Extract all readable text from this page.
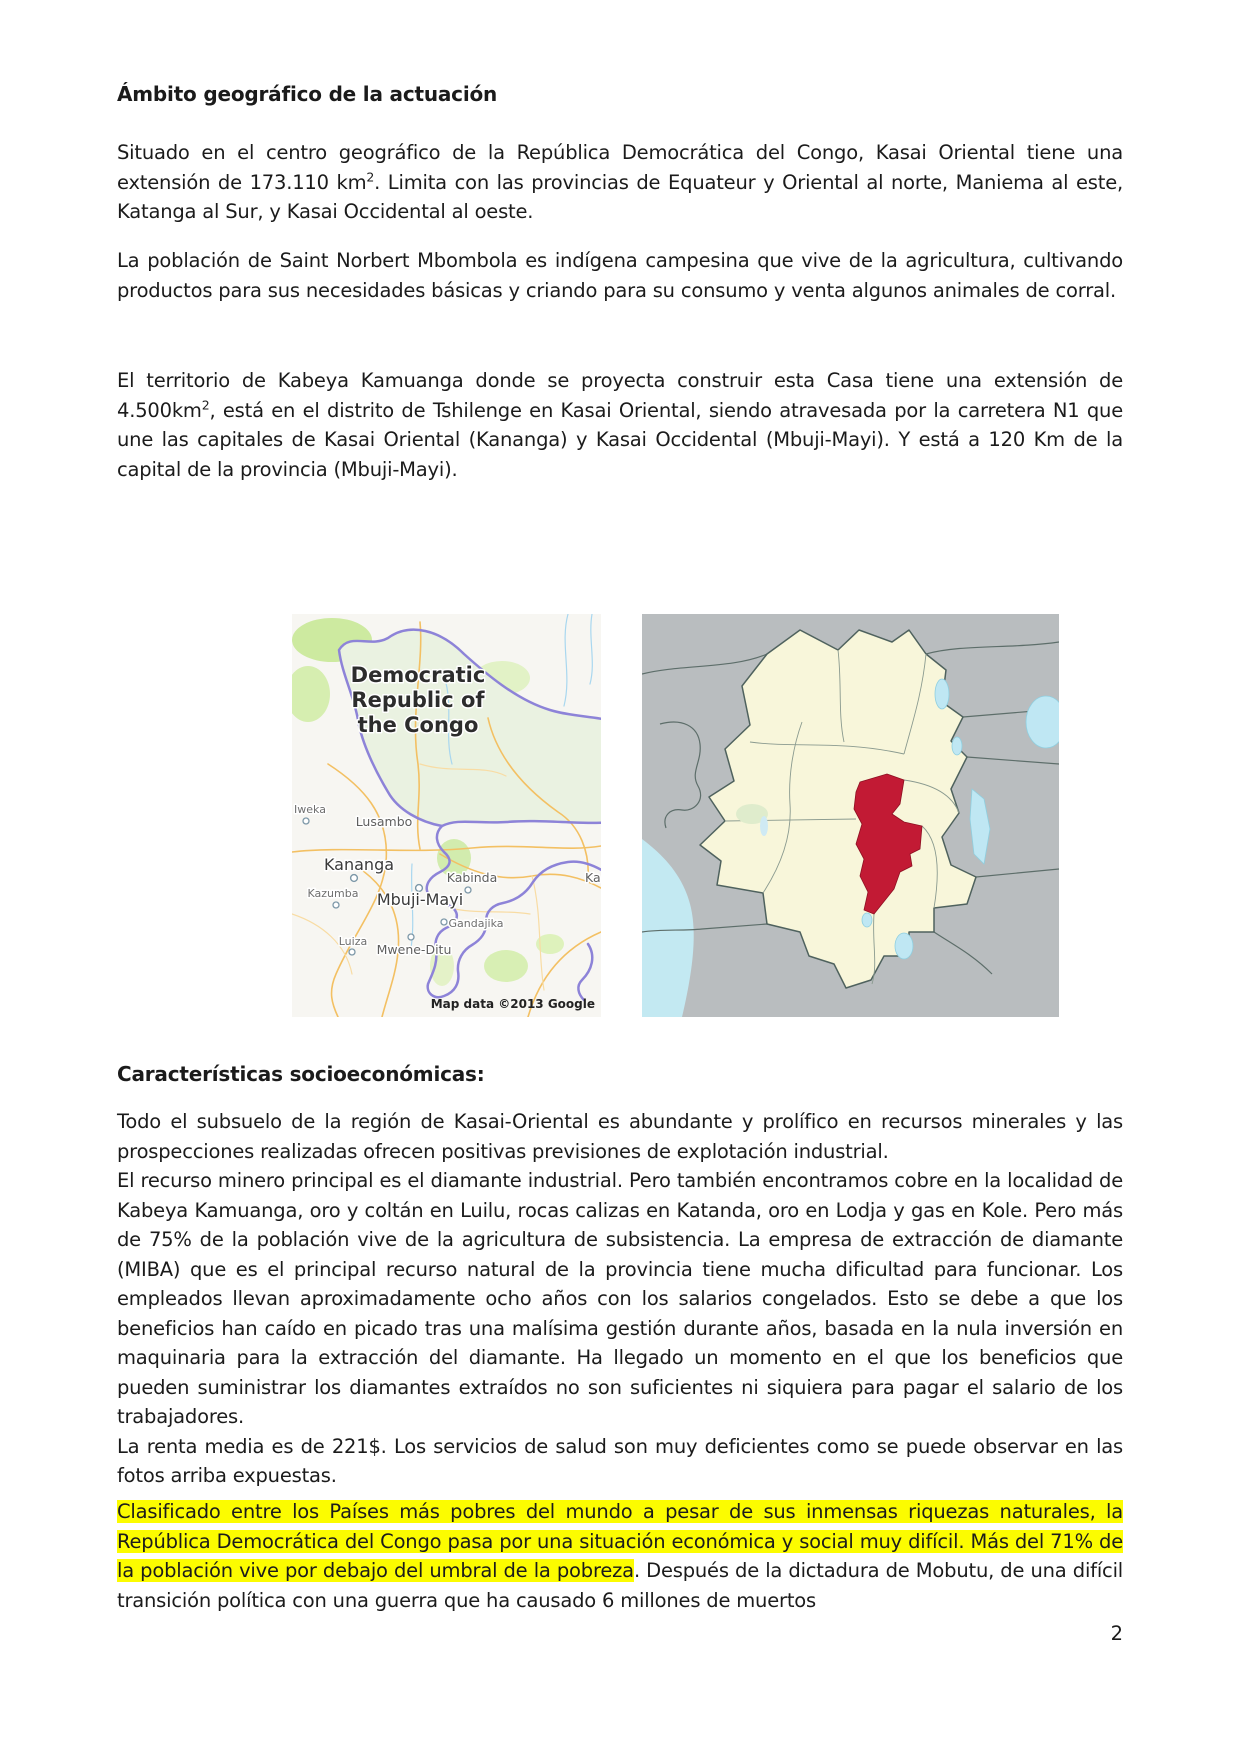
Ámbito geográfico de la actuación
Situado en el centro geográfico de la República Democrática del Congo, Kasai Oriental tiene una extensión de 173.110 $km^2$. Limita con las provincias de Equateur y Oriental al norte, Maniema al este, Katanga al Sur, y Kasai Occidental al oeste.
La población de Saint Norbert Mbombola es indígena campesina que vive de la agricultura, cultivando productos para sus necesidades básicas y criando para su consumo y venta algunos animales de corral.
El territorio de Kabeya Kamuanga donde se proyecta construir esta Casa tiene una extensión de $4.500km^2$, está en el distrito de Tshilenge en Kasai Oriental, siendo atravesada por la carretera N1 que une las capitales de Kasai Oriental (Kananga) y Kasai Occidental (Mbuji-Mayi). Y está a 120 Km de la capital de la provincia (Mbuji-Mayi).
Democratic
Republic of
the Congo
Iweka
Lusambo
Kananga
Kabinda
Kazumba Mbuji-Mayi
Gandajika
Luiza
Mwene-Ditu
Ka
Map data ©2013 Google
Características socioeconómicas:
Todo el subsuelo de la región de Kasai-Oriental es abundante y prolífico en recursos minerales y las prospecciones realizadas ofrecen positivas previsiones de explotación industrial.
El recurso minero principal es el diamante industrial. Pero también encontramos cobre en la localidad de Kabeya Kamuanga, oro y coltán en Luilu, rocas calizas en Katanda, oro en Lodja y gas en Kole. Pero más de 75% de la población vive de la agricultura de subsistencia. La empresa de extracción de diamante (MIBA) que es el principal recurso natural de la provincia tiene mucha dificultad para funcionar. Los empleados llevan aproximadamente ocho años con los salarios congelados. Esto se debe a que los beneficios han caído en picado tras una malísima gestión durante años, basada en la nula inversión en maquinaria para la extracción del diamante. Ha llegado un momento en el que los beneficios que pueden suministrar los diamantes extraídos no son suficientes ni siquiera para pagar el salario de los trabajadores.
La renta media es de 221$. Los servicios de salud son muy deficientes como se puede observar en las fotos arriba expuestas.
Clasificado entre los Países más pobres del mundo a pesar de sus inmensas riquezas naturales, la República Democrática del Congo pasa por una situación económica y social muy difícil. Más del 71% de la población vive por debajo del umbral de la pobreza. Después de la dictadura de Mobutu, de una difícil transición política con una guerra que ha causado 6 millones de muertos
2
